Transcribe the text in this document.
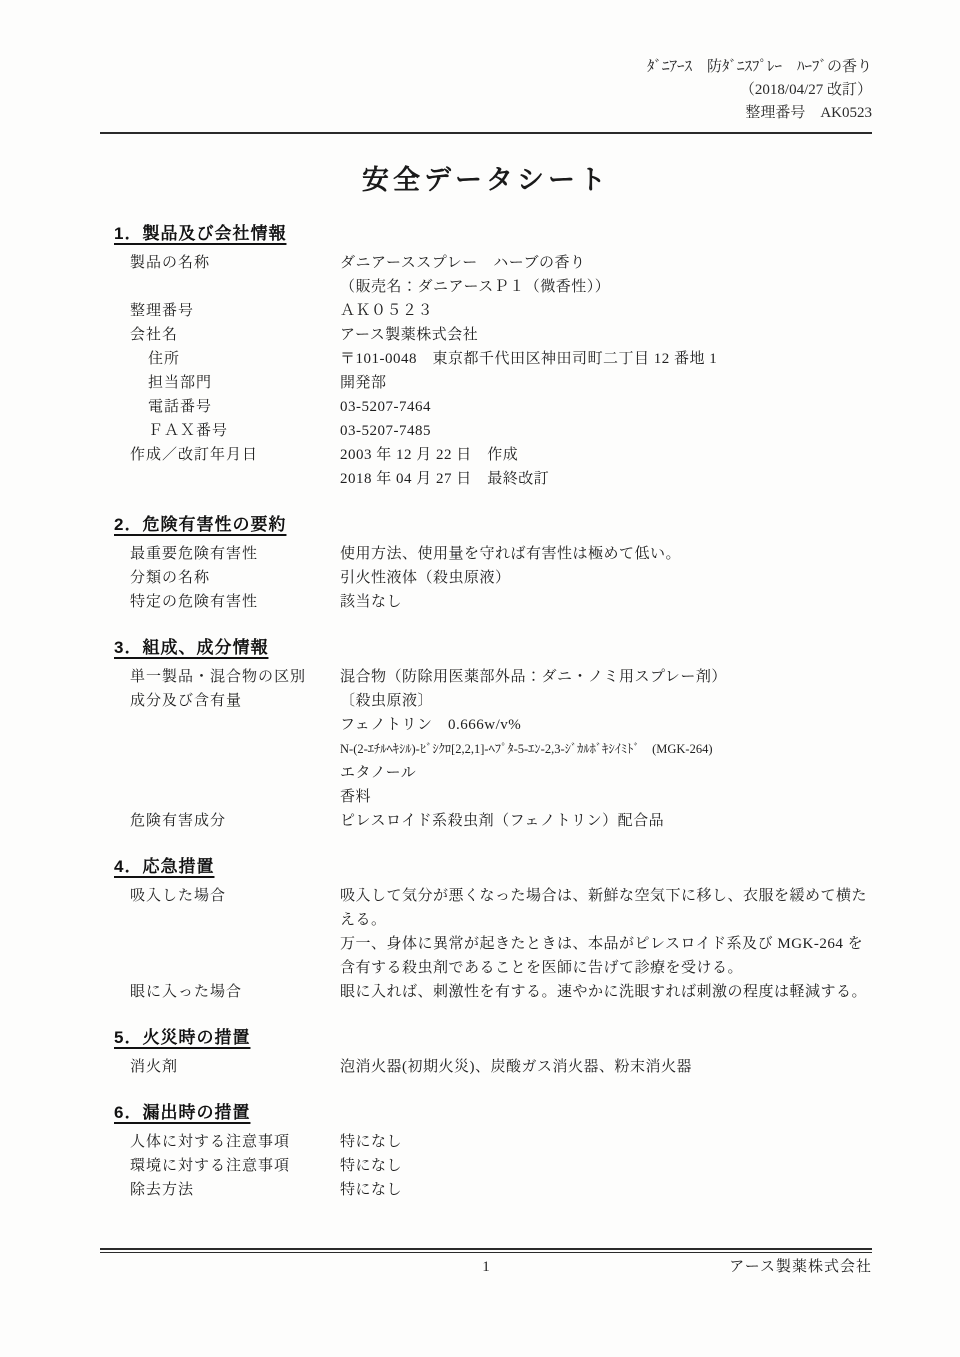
ﾀﾞﾆｱｰｽ　防ﾀﾞﾆｽﾌﾟﾚｰ　ﾊｰﾌﾞの香り
（2018/04/27 改訂）
整理番号　AK0523
安全データシート
1．製品及び会社情報
製品の名称	ダニアーススプレー　ハーブの香り

（販売名：ダニアースＰ１（微香性））

整理番号	ＡＫ０５２３

会社名	アース製薬株式会社

住所	〒101-0048　東京都千代田区神田司町二丁目 12 番地 1

担当部門	開発部

電話番号	03-5207-7464

ＦＡＸ番号	03-5207-7485

作成／改訂年月日	2003 年 12 月 22 日　作成

2018 年 04 月 27 日　最終改訂

2．危険有害性の要約
最重要危険有害性	使用方法、使用量を守れば有害性は極めて低い。

分類の名称	引火性液体（殺虫原液）

特定の危険有害性	該当なし

3．組成、成分情報
単一製品・混合物の区別	混合物（防除用医薬部外品：ダニ・ノミ用スプレー剤）

成分及び含有量	〔殺虫原液〕

フェノトリン　0.666w/v%

N-(2-ｴﾁﾙﾍｷｼﾙ)-ﾋﾞｼｸﾛ[2,2,1]-ﾍﾌﾟﾀ-5-ｴﾝ-2,3-ｼﾞｶﾙﾎﾞｷｼｲﾐﾄﾞ　(MGK-264)

エタノール

香料

危険有害成分	ピレスロイド系殺虫剤（フェノトリン）配合品

4．応急措置
吸入した場合	吸入して気分が悪くなった場合は、新鮮な空気下に移し、衣服を緩めて横たえる。

万一、身体に異常が起きたときは、本品がピレスロイド系及び MGK-264 を含有する殺虫剤であることを医師に告げて診療を受ける。

眼に入った場合	眼に入れば、刺激性を有する。速やかに洗眼すれば刺激の程度は軽減する。

5．火災時の措置
消火剤	泡消火器(初期火災)、炭酸ガス消火器、粉末消火器

6．漏出時の措置
人体に対する注意事項	特になし

環境に対する注意事項	特になし

除去方法	特になし

1	アース製薬株式会社
